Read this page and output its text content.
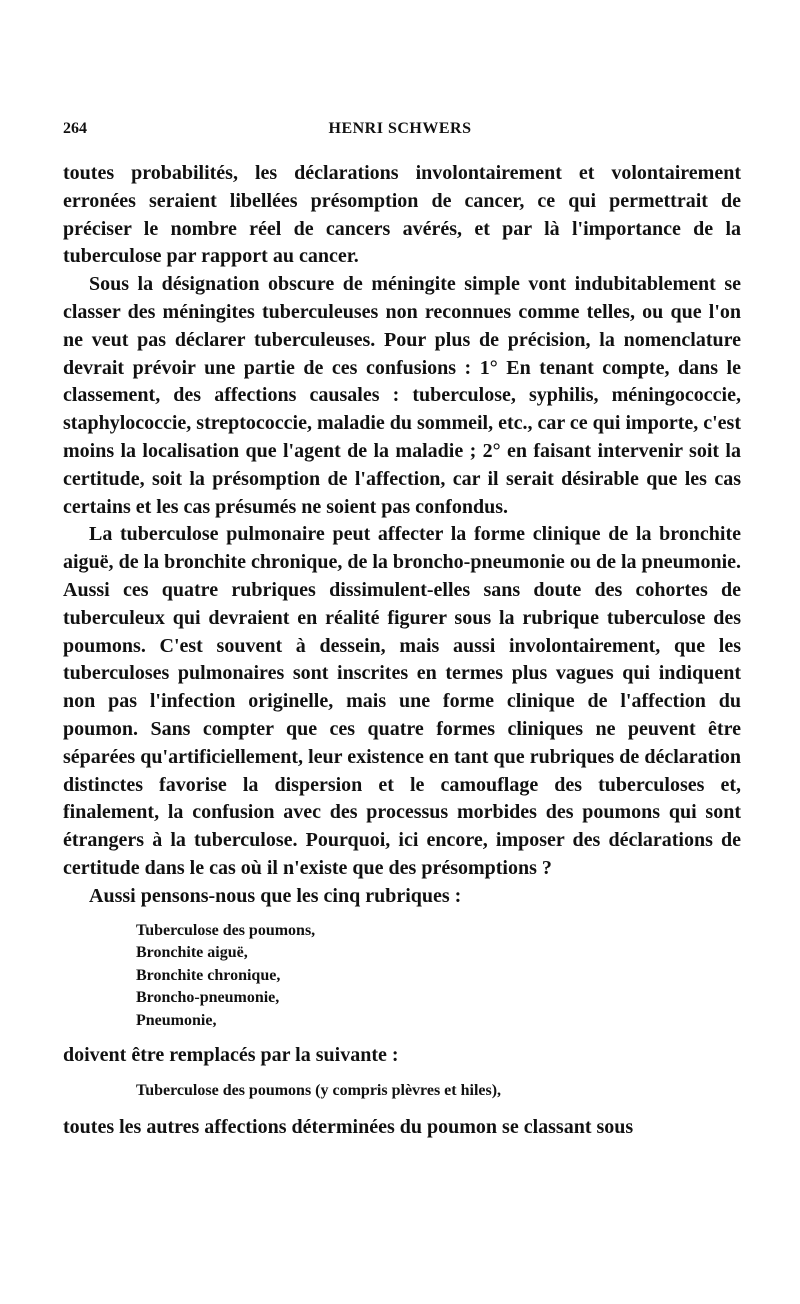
264	HENRI SCHWERS

toutes probabilités, les déclarations involontairement et volontairement erronées seraient libellées présomption de cancer, ce qui permettrait de préciser le nombre réel de cancers avérés, et par là l'importance de la tuberculose par rapport au cancer.

Sous la désignation obscure de méningite simple vont indubitablement se classer des méningites tuberculeuses non reconnues comme telles, ou que l'on ne veut pas déclarer tuberculeuses. Pour plus de précision, la nomenclature devrait prévoir une partie de ces confusions : 1° En tenant compte, dans le classement, des affections causales : tuberculose, syphilis, méningococcie, staphylococcie, streptococcie, maladie du sommeil, etc., car ce qui importe, c'est moins la localisation que l'agent de la maladie ; 2° en faisant intervenir soit la certitude, soit la présomption de l'affection, car il serait désirable que les cas certains et les cas présumés ne soient pas confondus.

La tuberculose pulmonaire peut affecter la forme clinique de la bronchite aiguë, de la bronchite chronique, de la broncho-pneumonie ou de la pneumonie. Aussi ces quatre rubriques dissimulent-elles sans doute des cohortes de tuberculeux qui devraient en réalité figurer sous la rubrique tuberculose des poumons. C'est souvent à dessein, mais aussi involontairement, que les tuberculoses pulmonaires sont inscrites en termes plus vagues qui indiquent non pas l'infection originelle, mais une forme clinique de l'affection du poumon. Sans compter que ces quatre formes cliniques ne peuvent être séparées qu'artificiellement, leur existence en tant que rubriques de déclaration distinctes favorise la dispersion et le camouflage des tuberculoses et, finalement, la confusion avec des processus morbides des poumons qui sont étrangers à la tuberculose. Pourquoi, ici encore, imposer des déclarations de certitude dans le cas où il n'existe que des présomptions ?

Aussi pensons-nous que les cinq rubriques :

Tuberculose des poumons,
Bronchite aiguë,
Bronchite chronique,
Broncho-pneumonie,
Pneumonie,

doivent être remplacés par la suivante :

Tuberculose des poumons (y compris plèvres et hiles),

toutes les autres affections déterminées du poumon se classant sous
